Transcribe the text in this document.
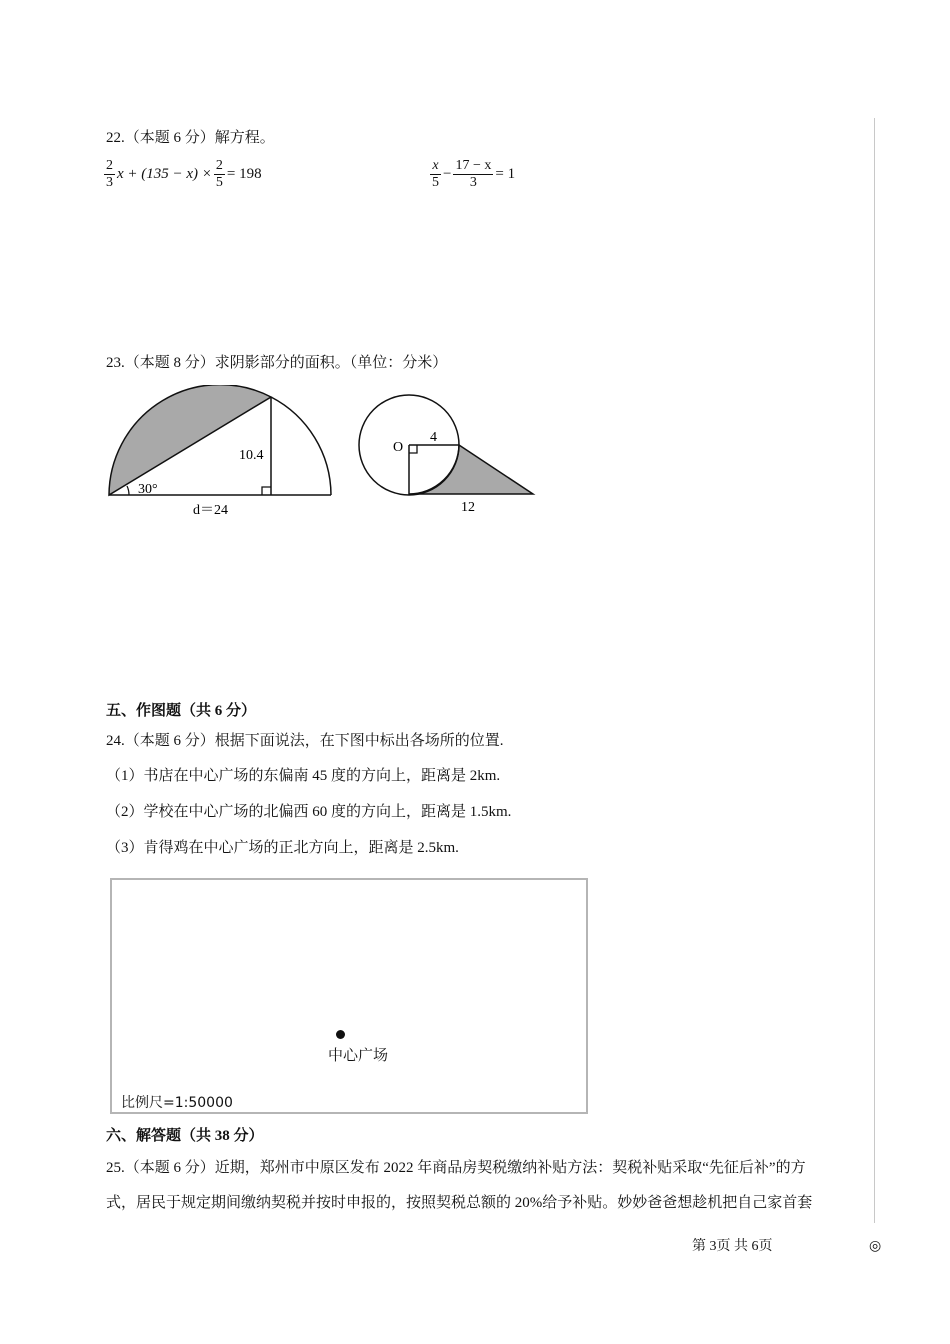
22.（本题 6 分）解方程。
$\frac{2}{3}$ $x + (135 - x) \times \frac{2}{5} = 198$	$\frac{x}{5} - \frac{17 - x}{3} = 1$
23.（本题 8 分）求阴影部分的面积。（单位：分米）
10.4
30°
d＝24
O
4
12
五、作图题（共 6 分）
24.（本题 6 分）根据下面说法，在下图中标出各场所的位置.
（1）书店在中心广场的东偏南 45 度的方向上，距离是 2km.
（2）学校在中心广场的北偏西 60 度的方向上，距离是 1.5km.
（3）肯得鸡在中心广场的正北方向上，距离是 2.5km.
中心广场
比例尺=1:50000
六、解答题（共 38 分）
25.（本题 6 分）近期，郑州市中原区发布 2022 年商品房契税缴纳补贴方法：契税补贴采取“先征后补”的方
式，居民于规定期间缴纳契税并按时申报的，按照契税总额的 20%给予补贴。妙妙爸爸想趁机把自己家首套
第 3页 共 6页	◎
